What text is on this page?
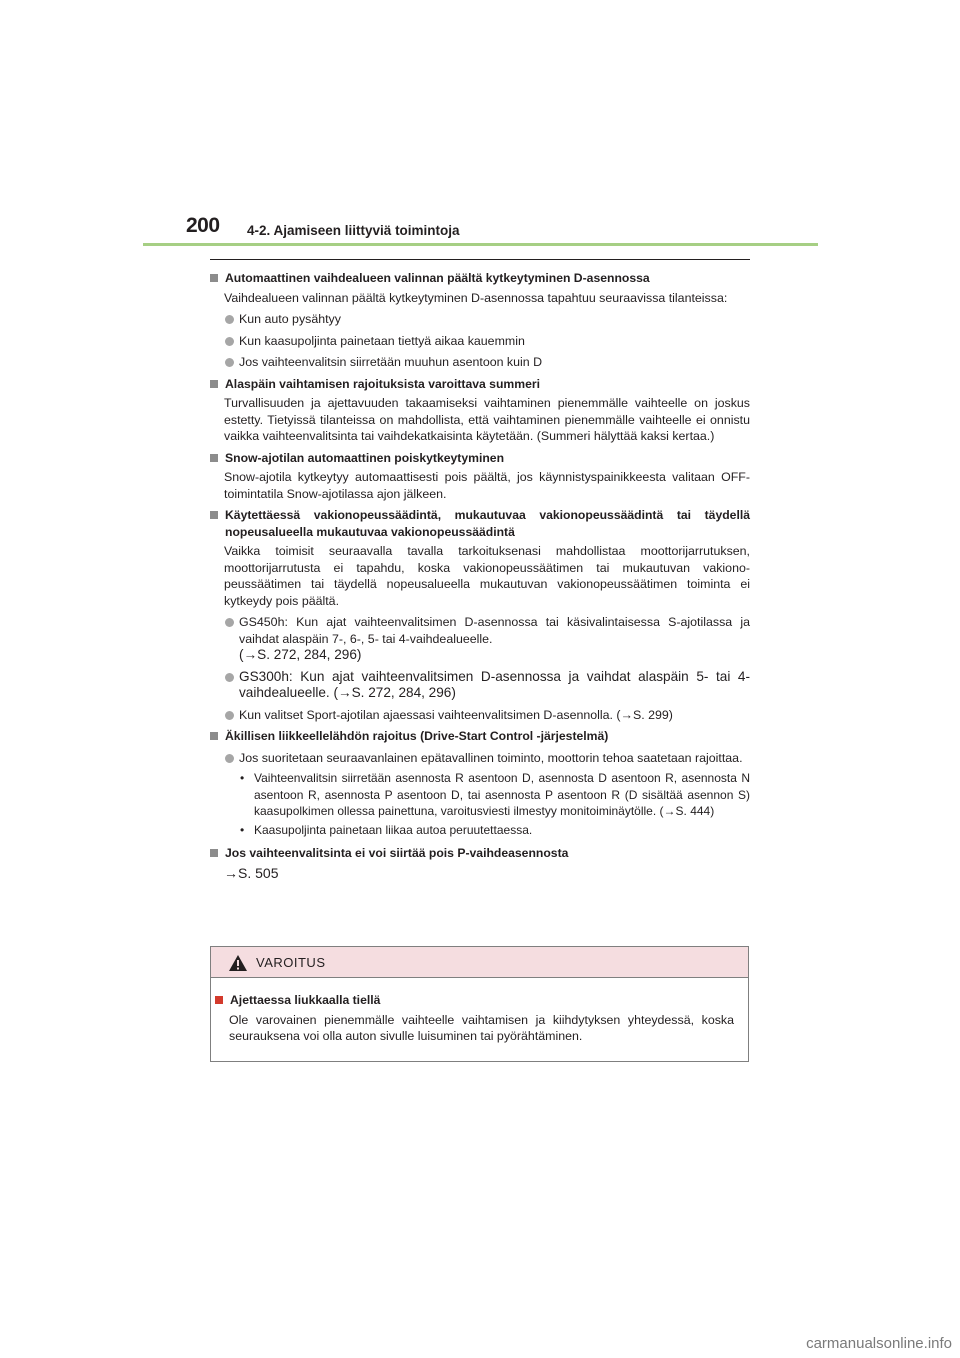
200 4-2. Ajamiseen liittyviä toimintoja
Automaattinen vaihdealueen valinnan päältä kytkeytyminen D-asennossa
Vaihdealueen valinnan päältä kytkeytyminen D-asennossa tapahtuu seuraavissa tilanteissa:
Kun auto pysähtyy
Kun kaasupoljinta painetaan tiettyä aikaa kauemmin
Jos vaihteenvalitsin siirretään muuhun asentoon kuin D
Alaspäin vaihtamisen rajoituksista varoittava summeri
Turvallisuuden ja ajettavuuden takaamiseksi vaihtaminen pienemmälle vaihteelle on joskus estetty. Tietyissä tilanteissa on mahdollista, että vaihtaminen pienemmälle vaihteelle ei onnistu vaikka vaihteenvalitsinta tai vaihdekatkaisinta käytetään. (Summeri hälyttää kaksi kertaa.)
Snow-ajotilan automaattinen poiskytkeytyminen
Snow-ajotila kytkeytyy automaattisesti pois päältä, jos käynnistyspainikkeesta valitaan OFF-toimintatila Snow-ajotilassa ajon jälkeen.
Käytettäessä vakionopeussäädintä, mukautuvaa vakionopeussäädintä tai täydellä nopeusalueella mukautuvaa vakionopeussäädintä
Vaikka toimisit seuraavalla tavalla tarkoituksenasi mahdollistaa moottorijarrutuksen, moottorijarrutusta ei tapahdu, koska vakionopeussäätimen tai mukautuvan vakionopeussäätimen tai täydellä nopeusalueella mukautuvan vakionopeussäätimen toiminta ei kytkeydy pois päältä.
GS450h: Kun ajat vaihteenvalitsimen D-asennossa tai käsivalintaisessa S-ajotilassa ja vaihdat alaspäin 7-, 6-, 5- tai 4-vaihdealueelle.
(→S. 272, 284, 296)
GS300h: Kun ajat vaihteenvalitsimen D-asennossa ja vaihdat alaspäin 5- tai 4-vaihdealueelle. (→S. 272, 284, 296)
Kun valitset Sport-ajotilan ajaessasi vaihteenvalitsimen D-asennolla. (→S. 299)
Äkillisen liikkeellelähdön rajoitus (Drive-Start Control -järjestelmä)
Jos suoritetaan seuraavanlainen epätavallinen toiminto, moottorin tehoa saatetaan rajoittaa.
• Vaihteenvalitsin siirretään asennosta R asentoon D, asennosta D asentoon R, asennosta N asentoon R, asennosta P asentoon D, tai asennosta P asentoon R (D sisältää asennon S) kaasupolkimen ollessa painettuna, varoitusviesti ilmestyy monitoiminäytölle. (→S. 444)
• Kaasupoljinta painetaan liikaa autoa peruutettaessa.
Jos vaihteenvalitsinta ei voi siirtää pois P-vaihdeasennosta
→S. 505
VAROITUS
Ajettaessa liukkaalla tiellä
Ole varovainen pienemmälle vaihteelle vaihtamisen ja kiihdytyksen yhteydessä, koska seurauksena voi olla auton sivulle luisuminen tai pyörähtäminen.
carmanualsonline.info
